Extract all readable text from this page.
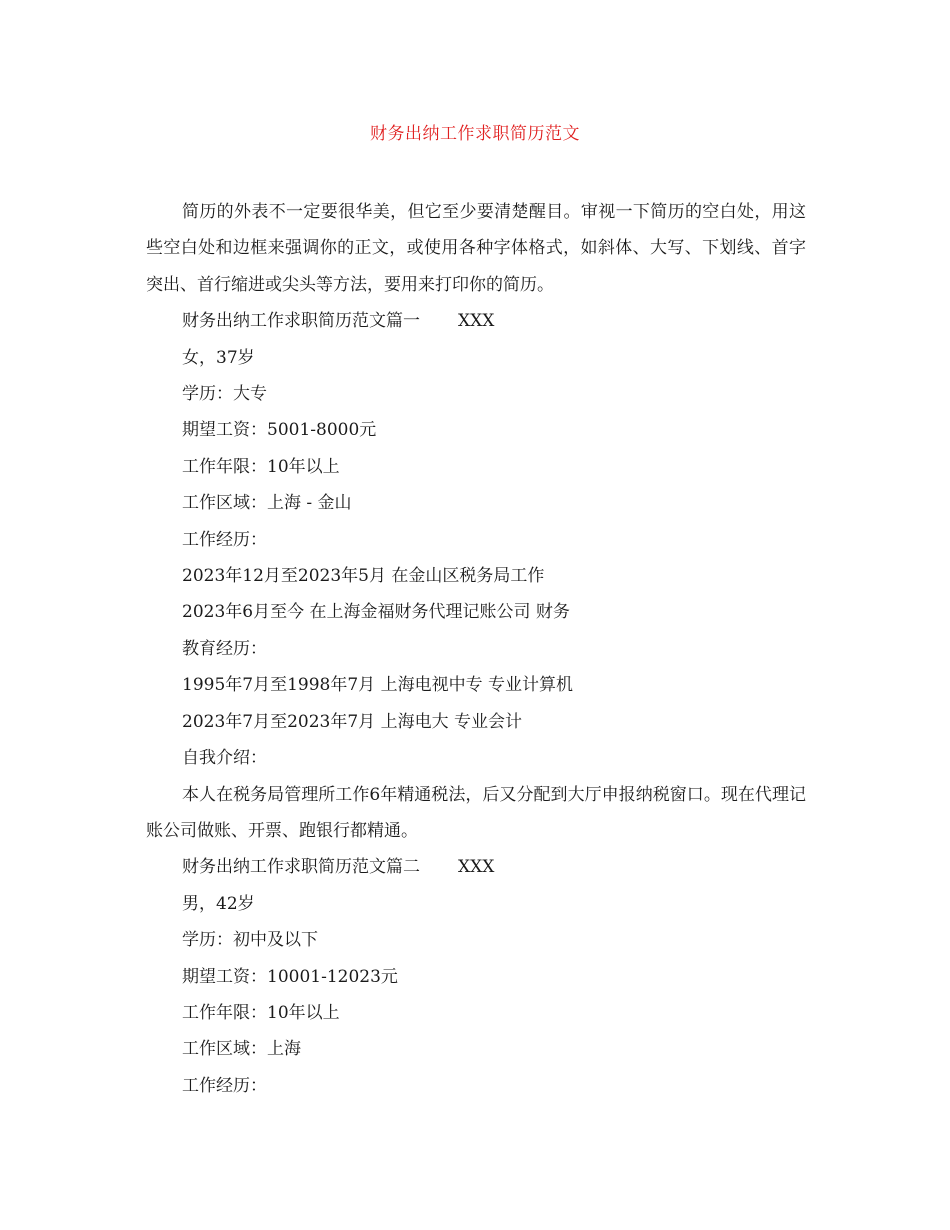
财务出纳工作求职简历范文

简历的外表不一定要很华美，但它至少要清楚醒目。审视一下简历的空白处，用这些空白处和边框来强调你的正文，或使用各种字体格式，如斜体、大写、下划线、首字突出、首行缩进或尖头等方法，要用来打印你的简历。

财务出纳工作求职简历范文篇一 XXX

女，37岁

学历：大专

期望工资：5001-8000元

工作年限：10年以上

工作区域：上海 - 金山

工作经历：

2023年12月至2023年5月 在金山区税务局工作

2023年6月至今 在上海金福财务代理记账公司 财务

教育经历：

1995年7月至1998年7月 上海电视中专 专业计算机

2023年7月至2023年7月 上海电大 专业会计

自我介绍：

本人在税务局管理所工作6年精通税法，后又分配到大厅申报纳税窗口。现在代理记账公司做账、开票、跑银行都精通。

财务出纳工作求职简历范文篇二 XXX

男，42岁

学历：初中及以下

期望工资：10001-12023元

工作年限：10年以上

工作区域：上海

工作经历：
